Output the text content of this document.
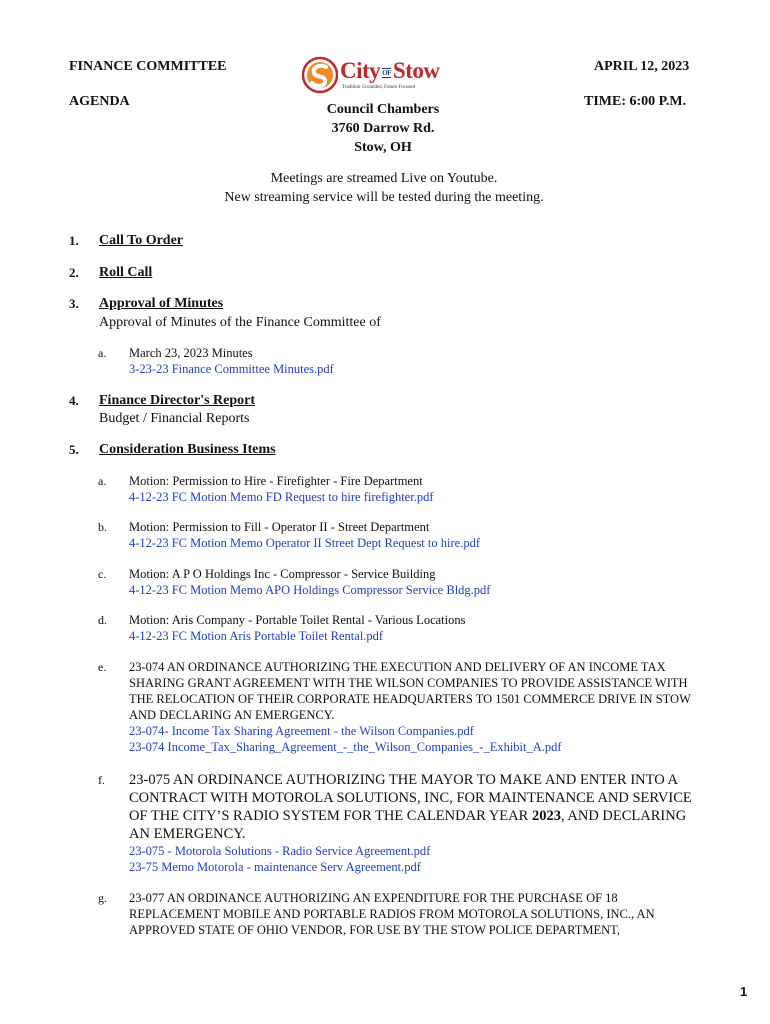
FINANCE COMMITTEE
AGENDA
APRIL 12, 2023
TIME: 6:00 P.M.
City OFStow
Tradition Grounded, Future Focused
Council Chambers
3760 Darrow Rd.
Stow, OH
Meetings are streamed Live on Youtube.
New streaming service will be tested during the meeting.
1. Call To Order
2. Roll Call
3. Approval of Minutes
Approval of Minutes of the Finance Committee of
a. March 23, 2023 Minutes
3-23-23 Finance Committee Minutes.pdf
4. Finance Director's Report
Budget / Financial Reports
5. Consideration Business Items
a. Motion: Permission to Hire - Firefighter - Fire Department
4-12-23 FC Motion Memo FD Request to hire firefighter.pdf
b. Motion: Permission to Fill - Operator II - Street Department
4-12-23 FC Motion Memo Operator II Street Dept Request to hire.pdf
c. Motion: A P O Holdings Inc - Compressor - Service Building
4-12-23 FC Motion Memo APO Holdings Compressor Service Bldg.pdf
d. Motion: Aris Company - Portable Toilet Rental - Various Locations
4-12-23 FC Motion Aris Portable Toilet Rental.pdf
e. 23-074 AN ORDINANCE AUTHORIZING THE EXECUTION AND DELIVERY OF AN INCOME TAX SHARING GRANT AGREEMENT WITH THE WILSON COMPANIES TO PROVIDE ASSISTANCE WITH THE RELOCATION OF THEIR CORPORATE HEADQUARTERS TO 1501 COMMERCE DRIVE IN STOW AND DECLARING AN EMERGENCY.
23-074- Income Tax Sharing Agreement - the Wilson Companies.pdf
23-074 Income_Tax_Sharing_Agreement_-_the_Wilson_Companies_-_Exhibit_A.pdf
f. 23-075 AN ORDINANCE AUTHORIZING THE MAYOR TO MAKE AND ENTER INTO A CONTRACT WITH MOTOROLA SOLUTIONS, INC, FOR MAINTENANCE AND SERVICE OF THE CITY’S RADIO SYSTEM FOR THE CALENDAR YEAR 2023, AND DECLARING AN EMERGENCY.
23-075 - Motorola Solutions - Radio Service Agreement.pdf
23-75 Memo Motorola - maintenance Serv Agreement.pdf
g. 23-077 AN ORDINANCE AUTHORIZING AN EXPENDITURE FOR THE PURCHASE OF 18 REPLACEMENT MOBILE AND PORTABLE RADIOS FROM MOTOROLA SOLUTIONS, INC., AN APPROVED STATE OF OHIO VENDOR, FOR USE BY THE STOW POLICE DEPARTMENT,
1
